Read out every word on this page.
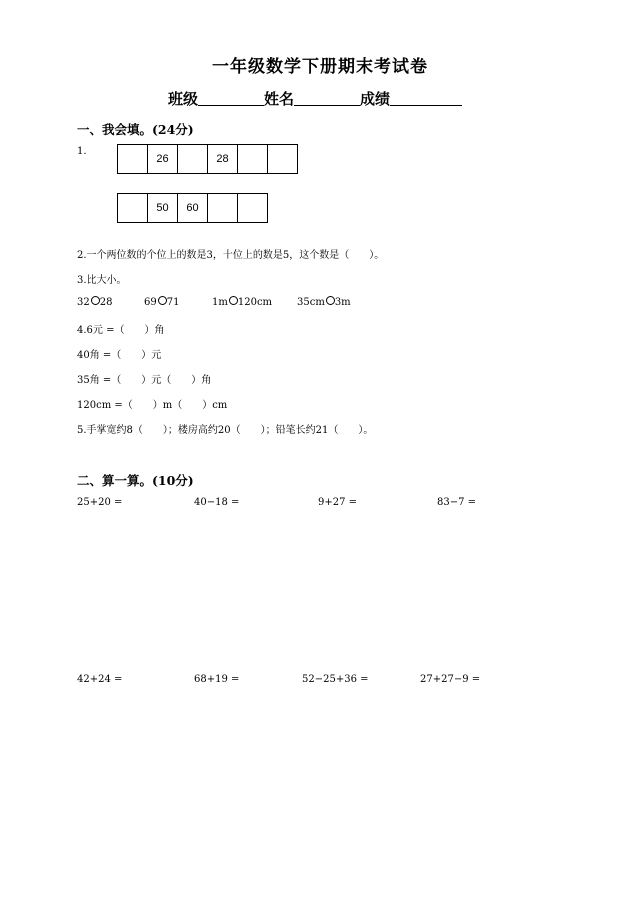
一年级数学下册期末考试卷
班级	姓名	成绩
一、我会填。(24分)
1.
26	28
50	60
2.一个两位数的个位上的数是3，十位上的数是5，这个数是（　　）。
3.比大小。
32 28	69 71	1m 120cm 35cm 3m
4.6元 =（　　）角
40角 =（　　）元
35角 =（　　）元（　　）角
120cm =（　　）m（　　）cm
5.手掌宽约8（　　）；楼房高约20（　　）；铅笔长约21（　　）。
二、算一算。(10分)
25+20 =	40−18 =	9+27 =	83−7 =
42+24 =	68+19 =	52−25+36 =	27+27−9 =
